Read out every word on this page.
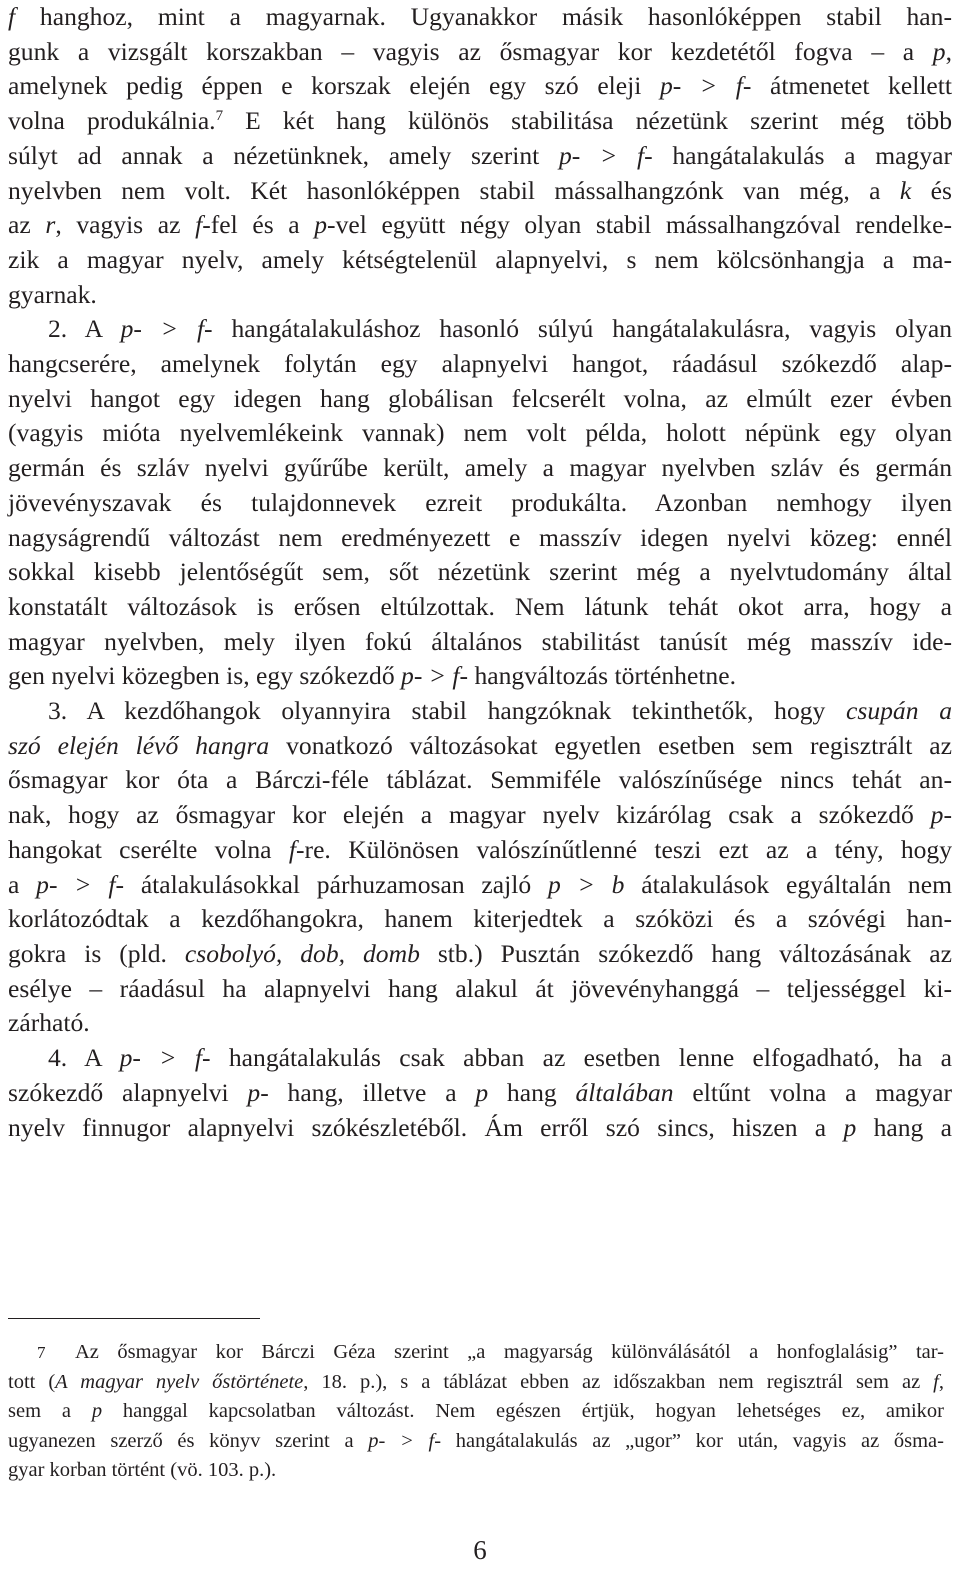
f hanghoz, mint a magyarnak. Ugyanakkor másik hasonlóképpen stabil han-
gunk a vizsgált korszakban – vagyis az ősmagyar kor kezdetétől fogva – a p,
amelynek pedig éppen e korszak elején egy szó eleji p- > f- átmenetet kellett
volna produkálnia.$^7$ E két hang különös stabilitása nézetünk szerint még több
súlyt ad annak a nézetünknek, amely szerint p- > f- hangátalakulás a magyar
nyelvben nem volt. Két hasonlóképpen stabil mássalhangzónk van még, a k és
az r, vagyis az f-fel és a p-vel együtt négy olyan stabil mássalhangzóval rendelke-
zik a magyar nyelv, amely kétségtelenül alapnyelvi, s nem kölcsönhangja a ma-
gyarnak.

2. A p- > f- hangátalakuláshoz hasonló súlyú hangátalakulásra, vagyis olyan

hangcserére, amelynek folytán egy alapnyelvi hangot, ráadásul szókezdő alap-
nyelvi hangot egy idegen hang globálisan felcserélt volna, az elmúlt ezer évben
(vagyis mióta nyelvemlékeink vannak) nem volt példa, holott népünk egy olyan
germán és szláv nyelvi gyűrűbe került, amely a magyar nyelvben szláv és germán
jövevényszavak és tulajdonnevek ezreit produkálta. Azonban nemhogy ilyen
nagyságrendű változást nem eredményezett e masszív idegen nyelvi közeg: ennél
sokkal kisebb jelentőségűt sem, sőt nézetünk szerint még a nyelvtudomány által
konstatált változások is erősen eltúlzottak. Nem látunk tehát okot arra, hogy a
magyar nyelvben, mely ilyen fokú általános stabilitást tanúsít még masszív ide-
gen nyelvi közegben is, egy szókezdő p- > f- hangváltozás történhetne.

3. A kezdőhangok olyannyira stabil hangzóknak tekinthetők, hogy csupán a

szó elején lévő hangra vonatkozó változásokat egyetlen esetben sem regisztrált az
ősmagyar kor óta a Bárczi-féle táblázat. Semmiféle valószínűsége nincs tehát an-
nak, hogy az ősmagyar kor elején a magyar nyelv kizárólag csak a szókezdő p-
hangokat cserélte volna f-re. Különösen valószínűtlenné teszi ezt az a tény, hogy
a p- > f- átalakulásokkal párhuzamosan zajló p > b átalakulások egyáltalán nem
korlátozódtak a kezdőhangokra, hanem kiterjedtek a szóközi és a szóvégi han-
gokra is (pld. csobolyó, dob, domb stb.) Pusztán szókezdő hang változásának az
esélye – ráadásul ha alapnyelvi hang alakul át jövevényhanggá – teljességgel ki-
zárható.

4. A p- > f- hangátalakulás csak abban az esetben lenne elfogadható, ha a

szókezdő alapnyelvi p- hang, illetve a p hang általában eltűnt volna a magyar
nyelv finnugor alapnyelvi szókészletéből. Ám erről szó sincs, hiszen a p hang a

7	Az ősmagyar kor Bárczi Géza szerint „a magyarság különválásától a honfoglalásig” tar-
tott (A magyar nyelv őstörténete, 18. p.), s a táblázat ebben az időszakban nem regisztrál sem az f,
sem a p hanggal kapcsolatban változást. Nem egészen értjük, hogyan lehetséges ez, amikor
ugyanezen szerző és könyv szerint a p- > f- hangátalakulás az „ugor” kor után, vagyis az ősma-
gyar korban történt (vö. 103. p.).
6
